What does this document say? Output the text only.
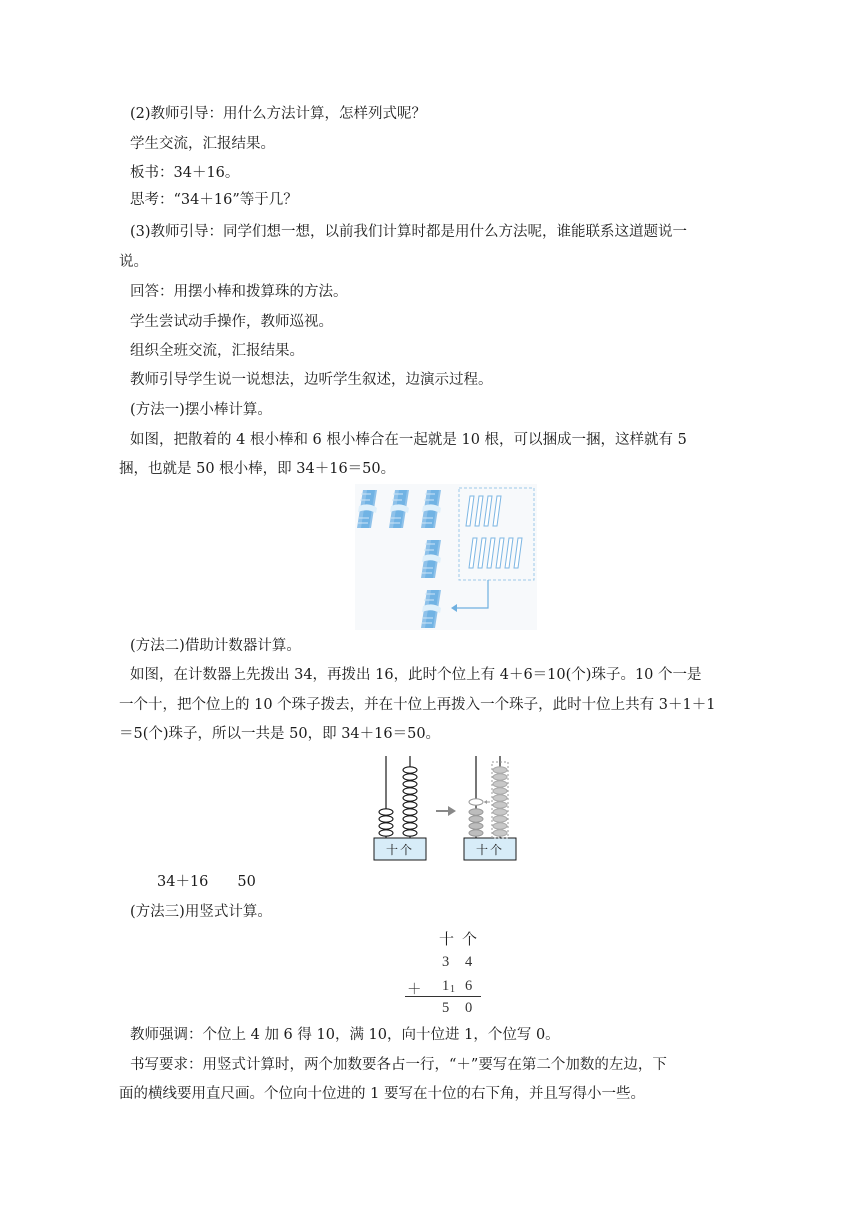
(2)教师引导：用什么方法计算，怎样列式呢？
学生交流，汇报结果。
板书：34＋16。
思考：“34＋16”等于几？
(3)教师引导：同学们想一想，以前我们计算时都是用什么方法呢，谁能联系这道题说一
说。
回答：用摆小棒和拨算珠的方法。
学生尝试动手操作，教师巡视。
组织全班交流，汇报结果。
教师引导学生说一说想法，边听学生叙述，边演示过程。
(方法一)摆小棒计算。
如图，把散着的 4 根小棒和 6 根小棒合在一起就是 10 根，可以捆成一捆，这样就有 5
捆，也就是 50 根小棒，即 34＋16＝50。
(方法二)借助计数器计算。
如图，在计数器上先拨出 34，再拨出 16，此时个位上有 4＋6＝10(个)珠子。10 个一是
一个十，把个位上的 10 个珠子拨去，并在十位上再拨入一个珠子，此时十位上共有 3＋1＋1
＝5(个)珠子，所以一共是 50，即 34＋16＝50。
十个	十个
34＋16　　50
(方法三)用竖式计算。
十 个
3 4
＋ 1 1 6
5 0
教师强调：个位上 4 加 6 得 10，满 10，向十位进 1，个位写 0。
书写要求：用竖式计算时，两个加数要各占一行，“＋”要写在第二个加数的左边，下
面的横线要用直尺画。个位向十位进的 1 要写在十位的右下角，并且写得小一些。
